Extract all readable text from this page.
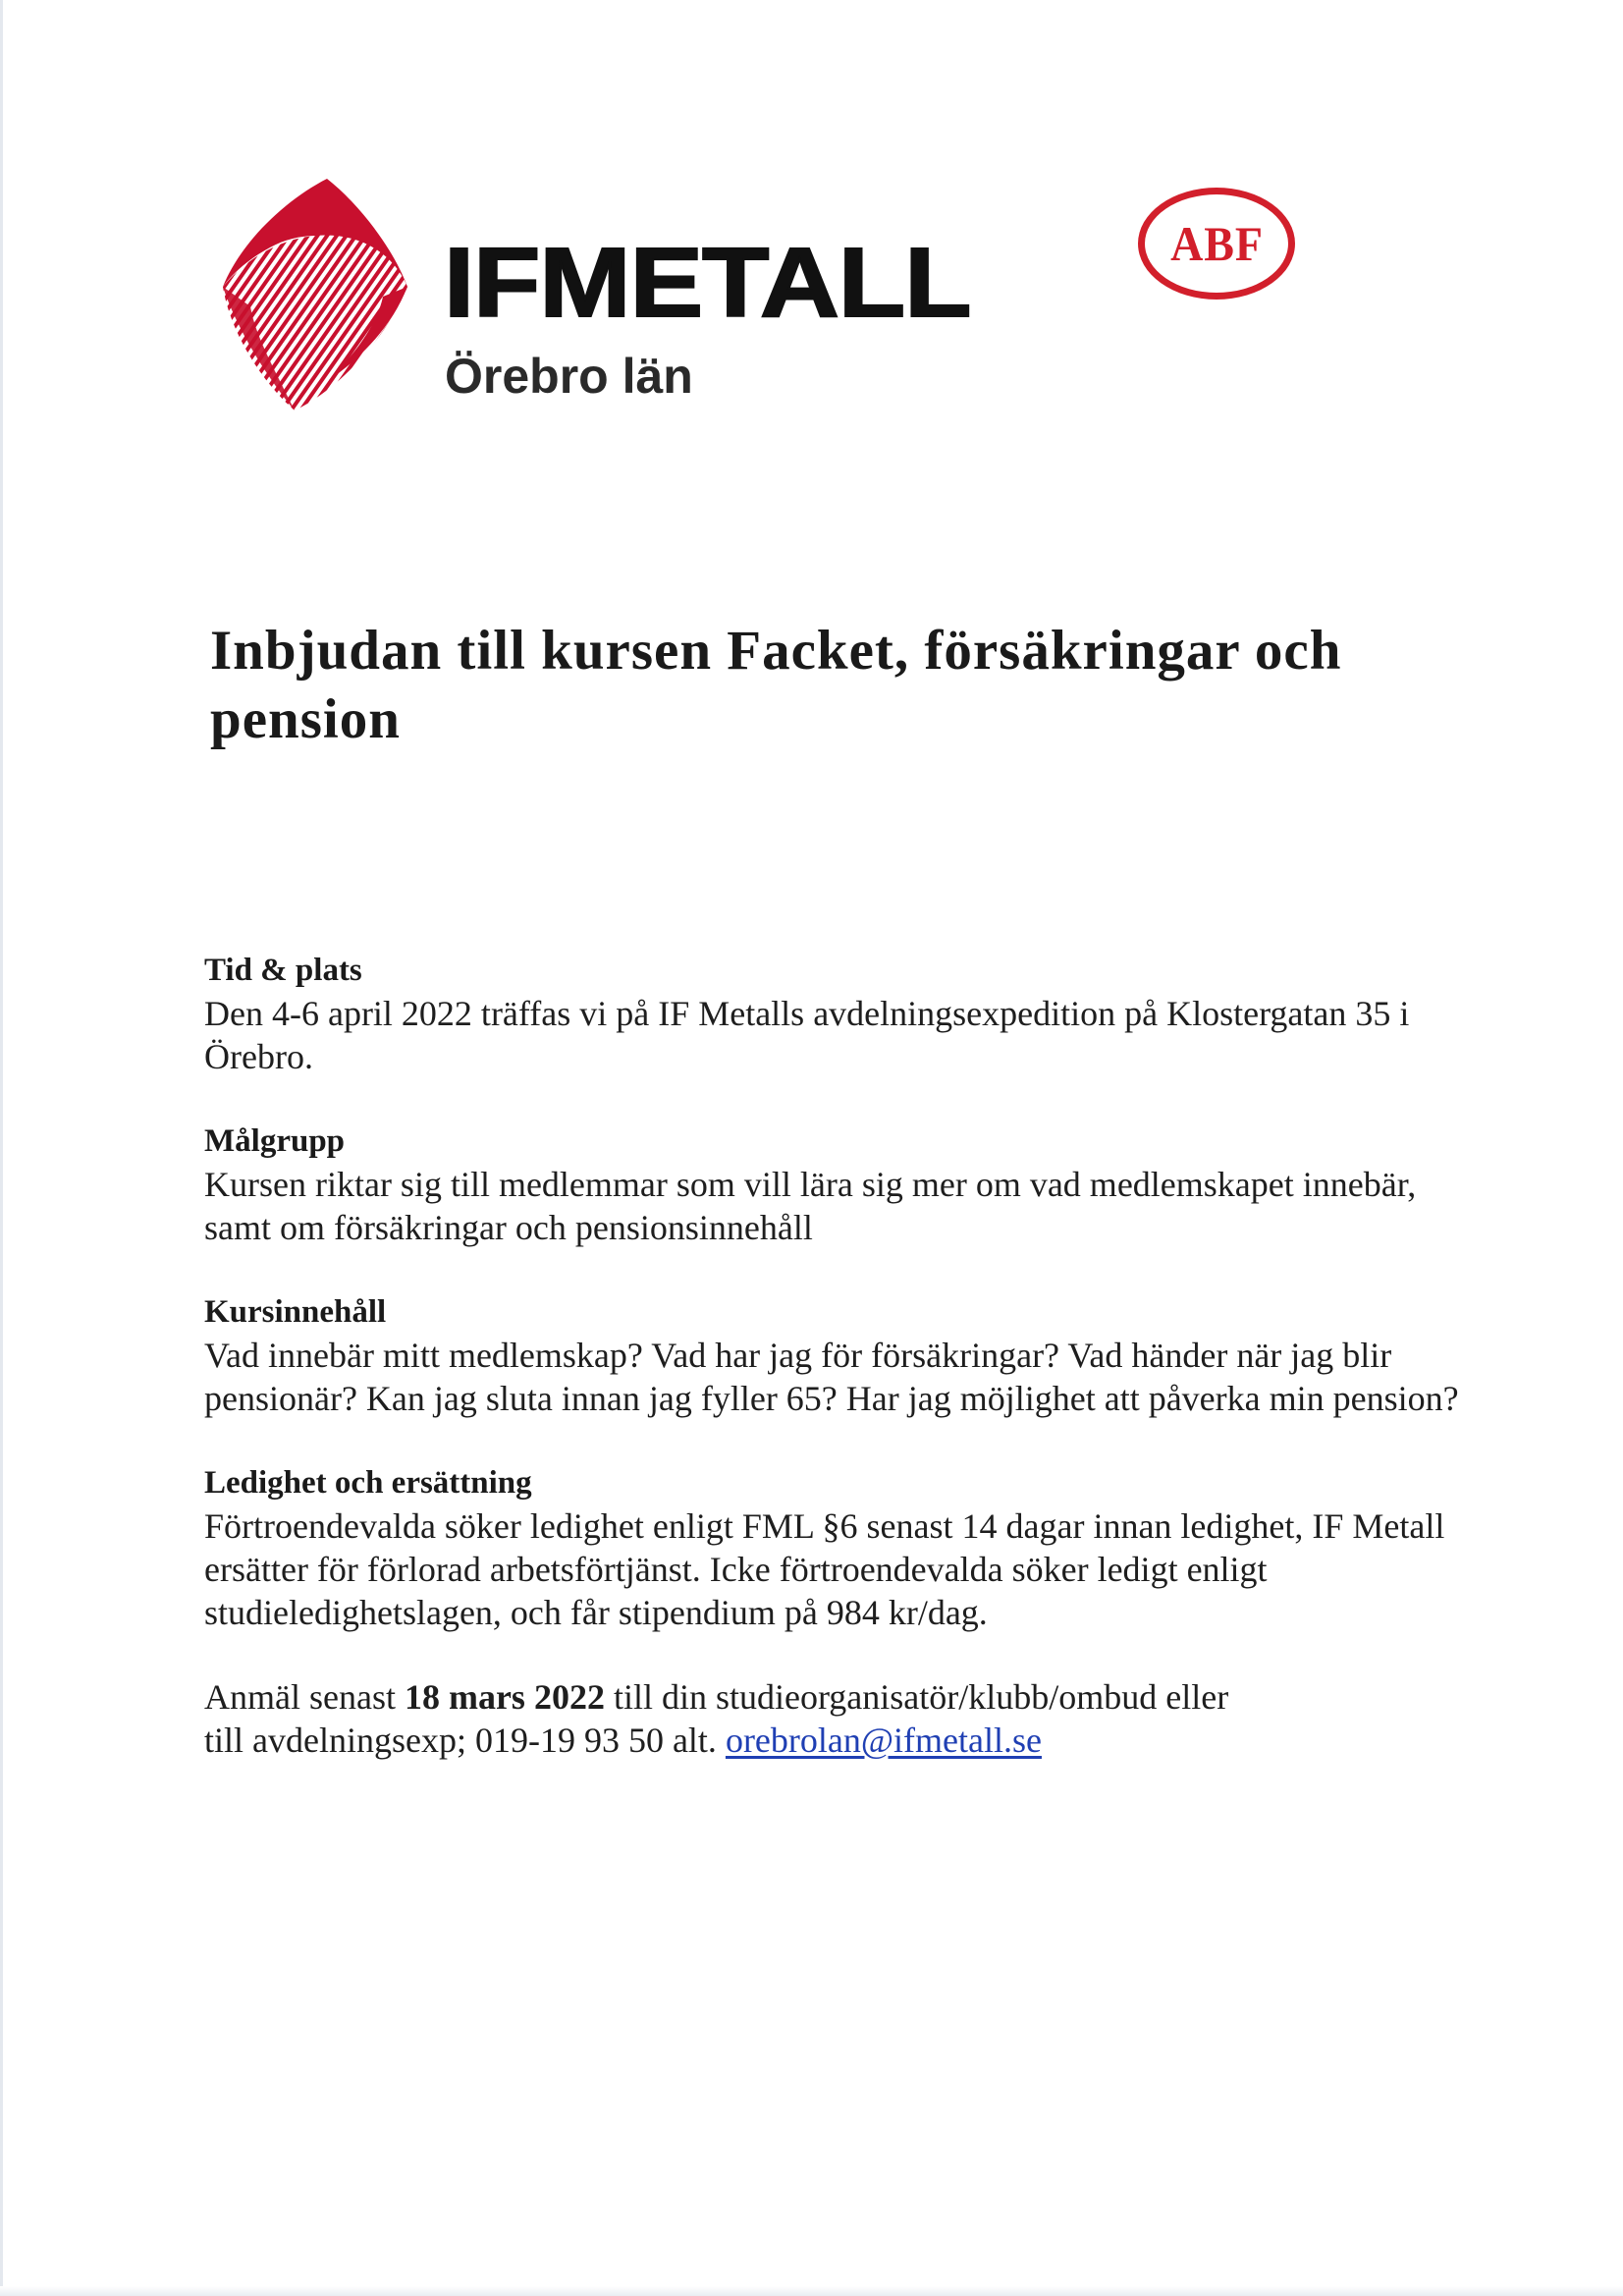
IFMETALL

Örebro län

ABF
Inbjudan till kursen Facket, försäkringar och pension
Tid & plats

Den 4-6 april 2022 träffas vi på IF Metalls avdelningsexpedition på Klostergatan 35 i Örebro.

Målgrupp

Kursen riktar sig till medlemmar som vill lära sig mer om vad medlemskapet innebär, samt om försäkringar och pensionsinnehåll

Kursinnehåll

Vad innebär mitt medlemskap? Vad har jag för försäkringar? Vad händer när jag blir pensionär? Kan jag sluta innan jag fyller 65? Har jag möjlighet att påverka min pension?

Ledighet och ersättning

Förtroendevalda söker ledighet enligt FML §6 senast 14 dagar innan ledighet, IF Metall ersätter för förlorad arbetsförtjänst. Icke förtroendevalda söker ledigt enligt studieledighetslagen, och får stipendium på 984 kr/dag.

Anmäl senast 18 mars 2022 till din studieorganisatör/klubb/ombud eller
till avdelningsexp; 019-19 93 50 alt. orebrolan@ifmetall.se
